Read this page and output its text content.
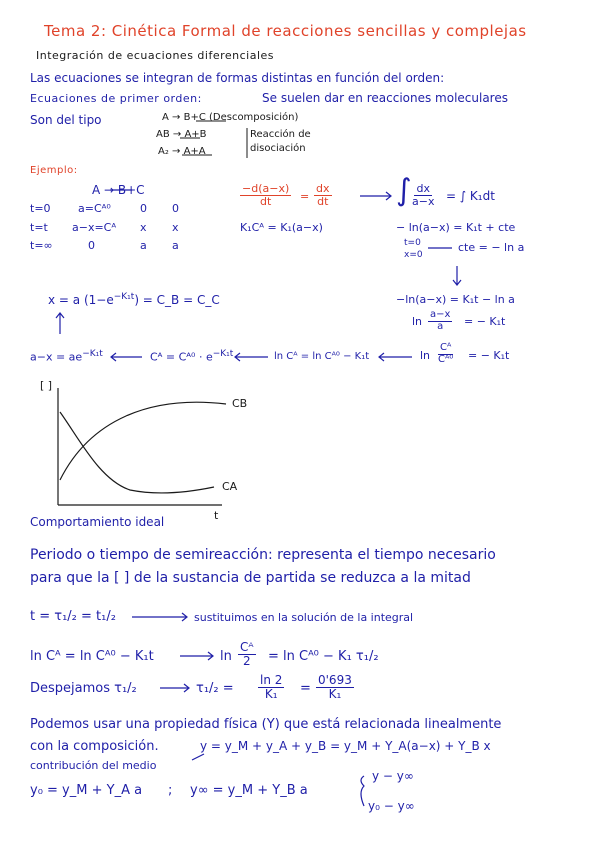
Tema 2: Cinética Formal de reacciones sencillas y complejas
Integración de ecuaciones diferenciales
Las ecuaciones se integran de formas distintas en función del orden:
Ecuaciones de primer orden:	Se suelen dar en reacciones moleculares
Son del tipo	A → B+C (Descomposición)
AB → A+B
A₂ → A+A
Reacción de
disociación
Ejemplo:
A → B+C
t=0 a=Cᴬ⁰	0 0
t=t a−x=Cᴬ x x
t=∞	0	a a
$\frac{-d(a-x)}{dt} = \frac{dx}{dt}$
K₁Cᴬ = K₁(a−x)
∫
$\frac{dx}{a-x}$ = ∫ K₁dt
− ln(a−x) = K₁t + cte
t=0
x=0
cte = − ln a
−ln(a−x) = K₁t − ln a
$\ln \frac{a-x}{a}$ = − K₁t
x = a $(1-e^{-K_1t})$ = C_B = C_C
$a-x = ae^{-K_1t}$	Cᴬ = Cᴬ⁰ · $e^{-K_1t}$	ln Cᴬ = ln Cᴬ⁰ − K₁t	$\ln \frac{\text{Cᴬ}}{\text{Cᴬ⁰}}$ = − K₁t
[ ]
CB
CA
t
Comportamiento ideal
Periodo o tiempo de semireacción: representa el tiempo necesario
para que la [ ] de la sustancia de partida se reduzca a la mitad
t = τ₁/₂ = t₁/₂	sustituimos en la solución de la integral
ln Cᴬ = ln Cᴬ⁰ − K₁t	$\ln \frac{\text{Cᴬ}}{2} = \ln$ Cᴬ⁰ − K₁ τ₁/₂
Despejamos τ₁/₂	$\tau_1/_2 = \frac{\ln 2}{\text{K₁}} = \frac{0'693}{\text{K₁}}$
Podemos usar una propiedad física (Y) que está relacionada linealmente
con la composición.	y = y_M + y_A + y_B = y_M + Υ_A(a−x) + Υ_B x
contribución del medio
y₀ = y_M + Υ_A a ; y∞ = y_M + Υ_B a
y − y∞
y₀ − y∞
